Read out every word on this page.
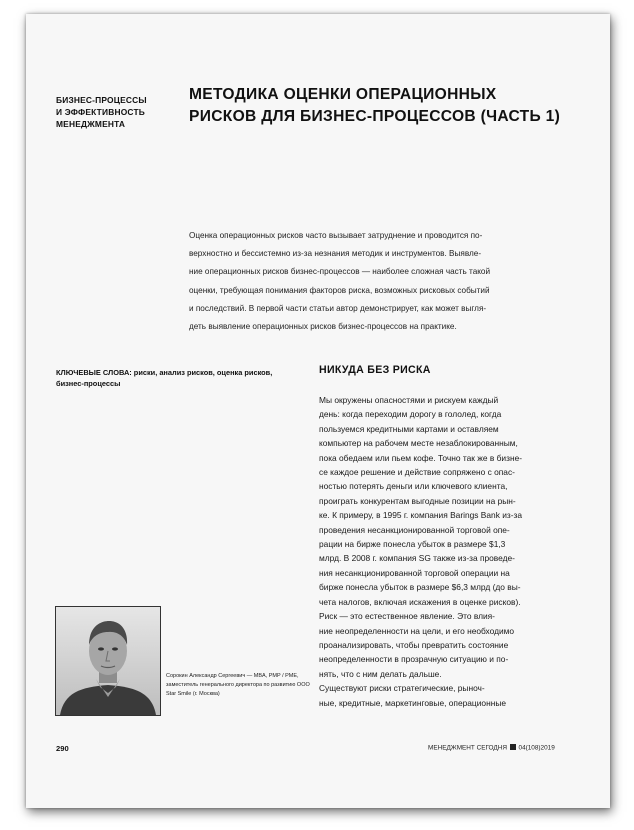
БИЗНЕС-ПРОЦЕССЫ
И ЭФФЕКТИВНОСТЬ
МЕНЕДЖМЕНТА
МЕТОДИКА ОЦЕНКИ ОПЕРАЦИОННЫХ
РИСКОВ ДЛЯ БИЗНЕС-ПРОЦЕССОВ (ЧАСТЬ 1)
Оценка операционных рисков часто вызывает затруднение и проводится по-
верхностно и бессистемно из-за незнания методик и инструментов. Выявле-
ние операционных рисков бизнес-процессов — наиболее сложная часть такой
оценки, требующая понимания факторов риска, возможных рисковых событий
и последствий. В первой части статьи автор демонстрирует, как может выгля-
деть выявление операционных рисков бизнес-процессов на практике.
КЛЮЧЕВЫЕ СЛОВА: риски, анализ рисков, оценка рисков,
бизнес-процессы
НИКУДА БЕЗ РИСКА
Мы окружены опасностями и рискуем каждый
день: когда переходим дорогу в гололед, когда
пользуемся кредитными картами и оставляем
компьютер на рабочем месте незаблокированным,
пока обедаем или пьем кофе. Точно так же в бизне-
се каждое решение и действие сопряжено с опас-
ностью потерять деньги или ключевого клиента,
проиграть конкурентам выгодные позиции на рын-
ке. К примеру, в 1995 г. компания Barings Bank из-за
проведения несанкционированной торговой опе-
рации на бирже понесла убыток в размере $1,3
млрд. В 2008 г. компания SG также из-за проведе-
ния несанкционированной торговой операции на
бирже понесла убыток в размере $6,3 млрд (до вы-
чета налогов, включая искажения в оценке рисков).
Риск — это естественное явление. Это влия-
ние неопределенности на цели, и его необходимо
проанализировать, чтобы превратить состояние
неопределенности в прозрачную ситуацию и по-
нять, что с ним делать дальше.
Существуют риски стратегические, рыноч-
ные, кредитные, маркетинговые, операционные
Сорокин Александр Сергеевич — MBA, PMP / PME,
заместитель генерального директора по развитию ООО
Star Smile (г. Москва)
290	МЕНЕДЖМЕНТ СЕГОДНЯ 04(108)2019
